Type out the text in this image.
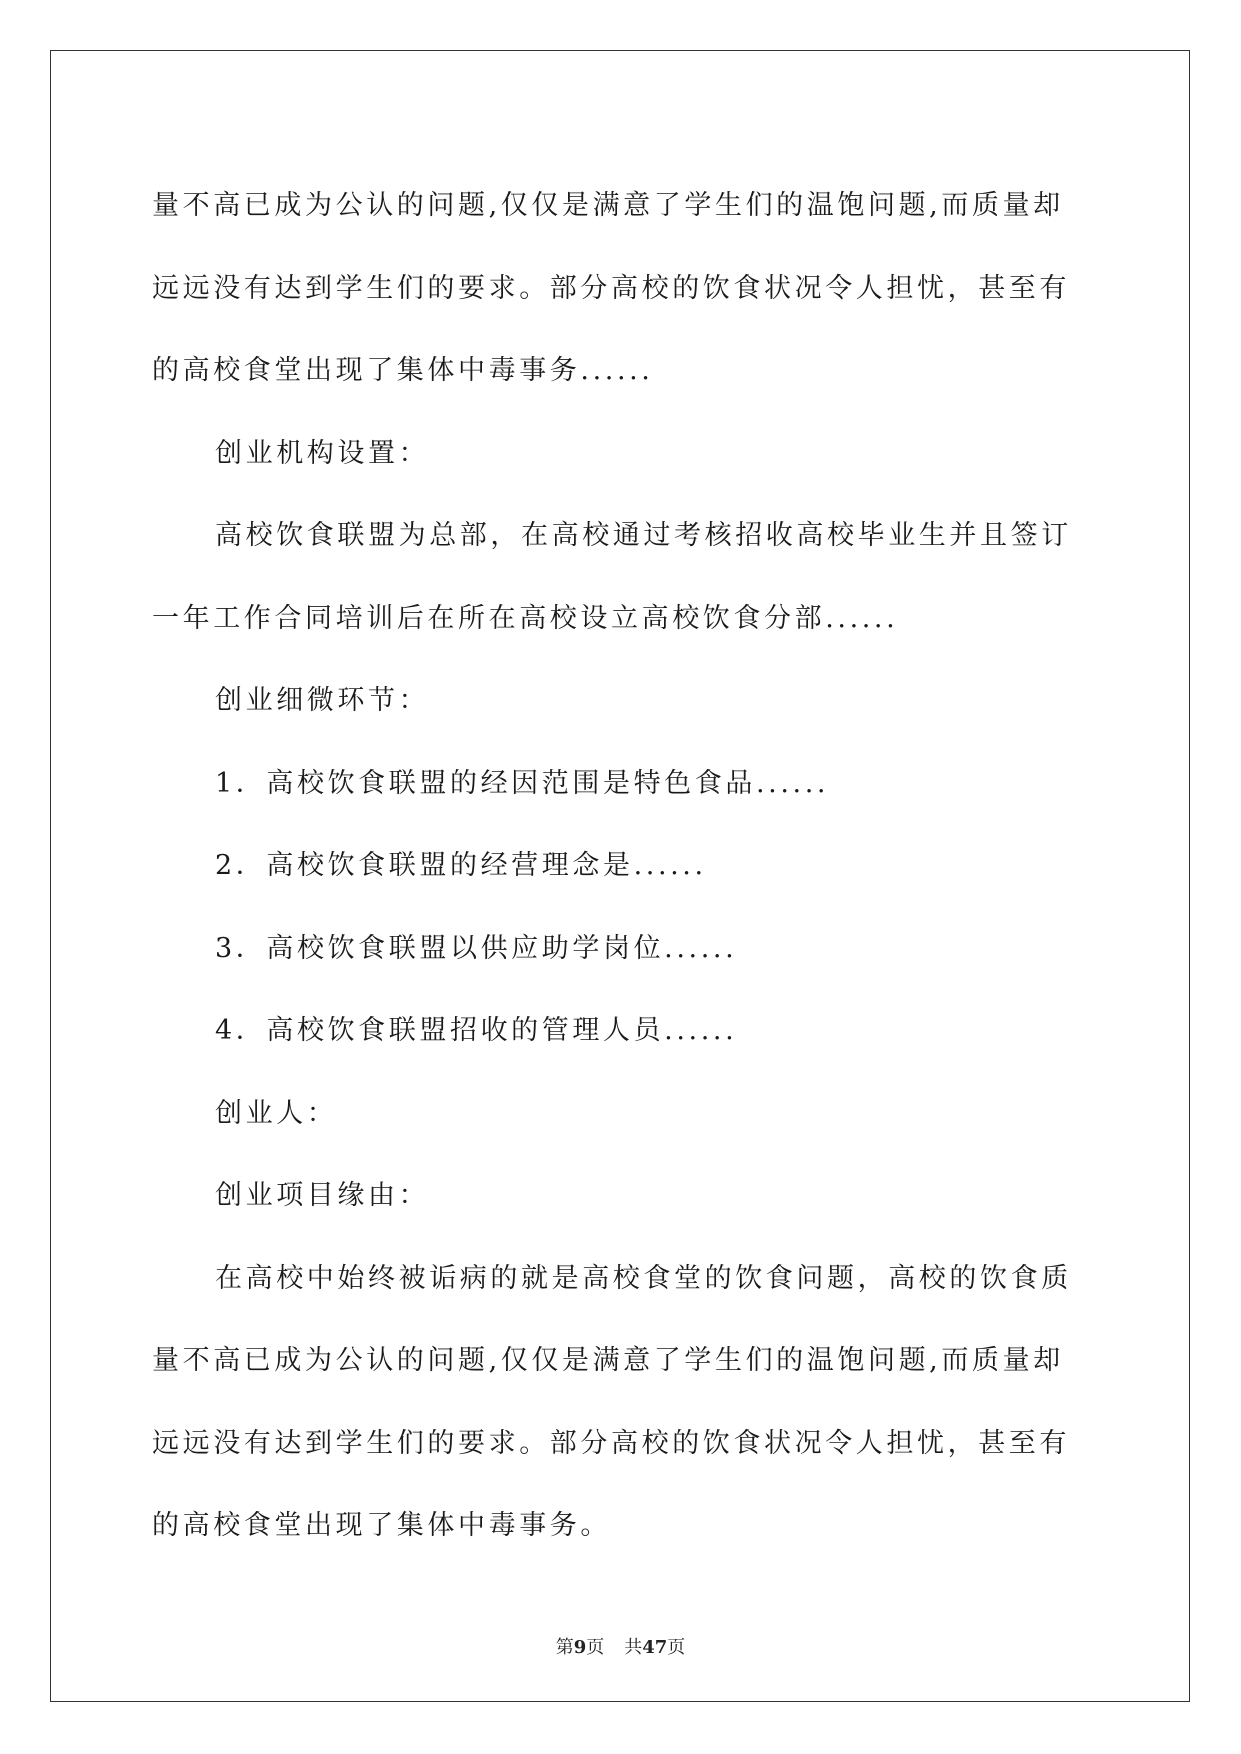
量不高已成为公认的问题,仅仅是满意了学生们的温饱问题,而质量却

远远没有达到学生们的要求。部分高校的饮食状况令人担忧，甚至有

的高校食堂出现了集体中毒事务......

创业机构设置：

高校饮食联盟为总部，在高校通过考核招收高校毕业生并且签订

一年工作合同培训后在所在高校设立高校饮食分部......

创业细微环节：

1．高校饮食联盟的经因范围是特色食品......

2．高校饮食联盟的经营理念是......

3．高校饮食联盟以供应助学岗位......

4．高校饮食联盟招收的管理人员......

创业人：

创业项目缘由：

在高校中始终被诟病的就是高校食堂的饮食问题，高校的饮食质

量不高已成为公认的问题,仅仅是满意了学生们的温饱问题,而质量却

远远没有达到学生们的要求。部分高校的饮食状况令人担忧，甚至有

的高校食堂出现了集体中毒事务。

第9页 共47页
